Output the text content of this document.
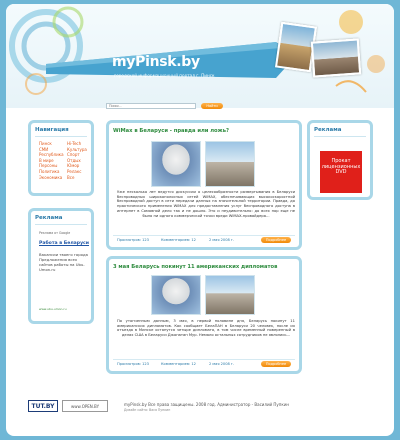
myPinsk.by
городской информационный портал г. Пинск
Поиск...
Найти
Навигация
Пинск
СМИ
Республика
В мире
Персоны
Политика
Экономика
Hi-Tech
Культура
Спорт
Отдых
Юмор
Релакс
Все
Реклама
Реклама от Google
Работа в Беларуси
Вакансии твоего города Предложения всех сайтов работы на Ubu-Umon.ru
www.ubu-umon.ru
Реклама
Прокат лицензионных DVD
WiMax в Беларуси - правда или ложь?
Уже несколько лет ведутся дискуссии о целесообразности развертывания в Беларуси беспроводных широкополосных сетей WiMAX, обеспечивающих высокоскоростной беспроводной доступ в сети передачи данных на значительной территории. Правда, до практического применения WiMAX для предоставления услуг беспроводного доступа в интернет в Сомовной дело так и не дошло. Это и неудивительно: до всех пор еще не было ни одного коммерческой точки вреди WiMAX-провайдера...
Просмотров: 123	Комментариев: 12	2 мая 2008 г.	Подробнее
3 мая Беларусь покинут 11 американских дипломатов
По утонченным данным, 3 мая, в первой половине дня, Беларусь покинут 11 американских дипломатов. Как сообщает БелаПАН в Беларуси 20 человек, после их отъезда в Минске останутся четыре дипломата, в том числе временный поверенный в делах США в Беларуси Джонатан Мур. Немало остальных сотрудников не являлись...
Просмотров: 123	Комментариев: 12	2 мая 2008 г.	Подробнее
TUT.BY	www.OPEN.BY	myPinsk.by Все права защищены. 2008 год. Администратор - Василий Пупкин
Дизайн сайта: Вася Пупкин
